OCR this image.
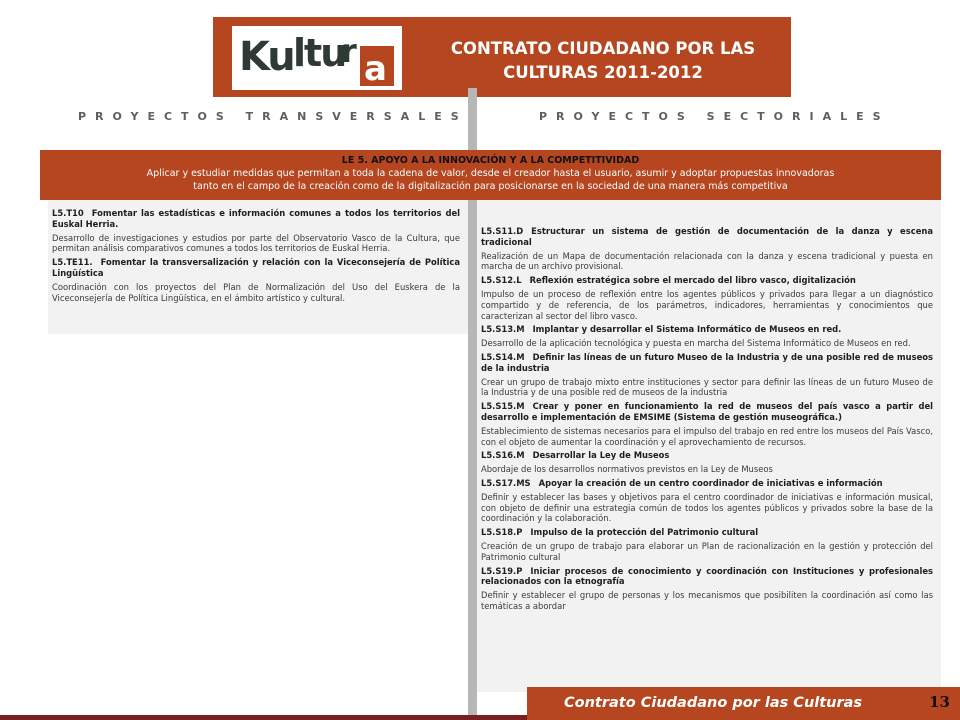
Ku ltu
r a
CONTRATO CIUDADANO POR LAS
CULTURAS 2011-2012
PROYECTOS TRANSVERSALES	PROYECTOS SECTORIALES
LE 5. APOYO A LA INNOVACIÓN Y A LA COMPETITIVIDAD
Aplicar y estudiar medidas que permitan a toda la cadena de valor, desde el creador hasta el usuario, asumir y adoptar propuestas innovadoras
tanto en el campo de la creación como de la digitalización para posicionarse en la sociedad de una manera más competitiva
L5.T10 Fomentar las estadísticas e información comunes a todos los territorios del Euskal Herria.
Desarrollo de investigaciones y estudios por parte del Observatorio Vasco de la Cultura, que permitan análisis comparativos comunes a todos los territorios de Euskal Herria.
L5.TE11. Fomentar la transversalización y relación con la Viceconsejería de Política Lingüística
Coordinación con los proyectos del Plan de Normalización del Uso del Euskera de la Viceconsejería de Política Lingüística, en el ámbito artístico y cultural.
L5.S11.D Estructurar un sistema de gestión de documentación de la danza y escena tradicional
Realización de un Mapa de documentación relacionada con la danza y escena tradicional y puesta en marcha de un archivo provisional.
L5.S12.L Reflexión estratégica sobre el mercado del libro vasco, digitalización
Impulso de un proceso de reflexión entre los agentes públicos y privados para llegar a un diagnóstico compartido y de referencia, de los parámetros, indicadores, herramientas y conocimientos que caracterizan al sector del libro vasco.
L5.S13.M Implantar y desarrollar el Sistema Informático de Museos en red.
Desarrollo de la aplicación tecnológica y puesta en marcha del Sistema Informático de Museos en red.
L5.S14.M Definir las líneas de un futuro Museo de la Industria y de una posible red de museos de la industria
Crear un grupo de trabajo mixto entre instituciones y sector para definir las líneas de un futuro Museo de la Industria y de una posible red de museos de la industria
L5.S15.M Crear y poner en funcionamiento la red de museos del país vasco a partir del desarrollo e implementación de EMSIME (Sistema de gestión museográfica.)
Establecimiento de sistemas necesarios para el impulso del trabajo en red entre los museos del País Vasco, con el objeto de aumentar la coordinación y el aprovechamiento de recursos.
L5.S16.M Desarrollar la Ley de Museos
Abordaje de los desarrollos normativos previstos en la Ley de Museos
L5.S17.MS Apoyar la creación de un centro coordinador de iniciativas e información
Definir y establecer las bases y objetivos para el centro coordinador de iniciativas e información musical, con objeto de definir una estrategia común de todos los agentes públicos y privados sobre la base de la coordinación y la colaboración.
L5.S18.P Impulso de la protección del Patrimonio cultural
Creación de un grupo de trabajo para elaborar un Plan de racionalización en la gestión y protección del Patrimonio cultural
L5.S19.P Iniciar procesos de conocimiento y coordinación con Instituciones y profesionales relacionados con la etnografía
Definir y establecer el grupo de personas y los mecanismos que posibiliten la coordinación así como las temáticas a abordar
Contrato Ciudadano por las Culturas	13
